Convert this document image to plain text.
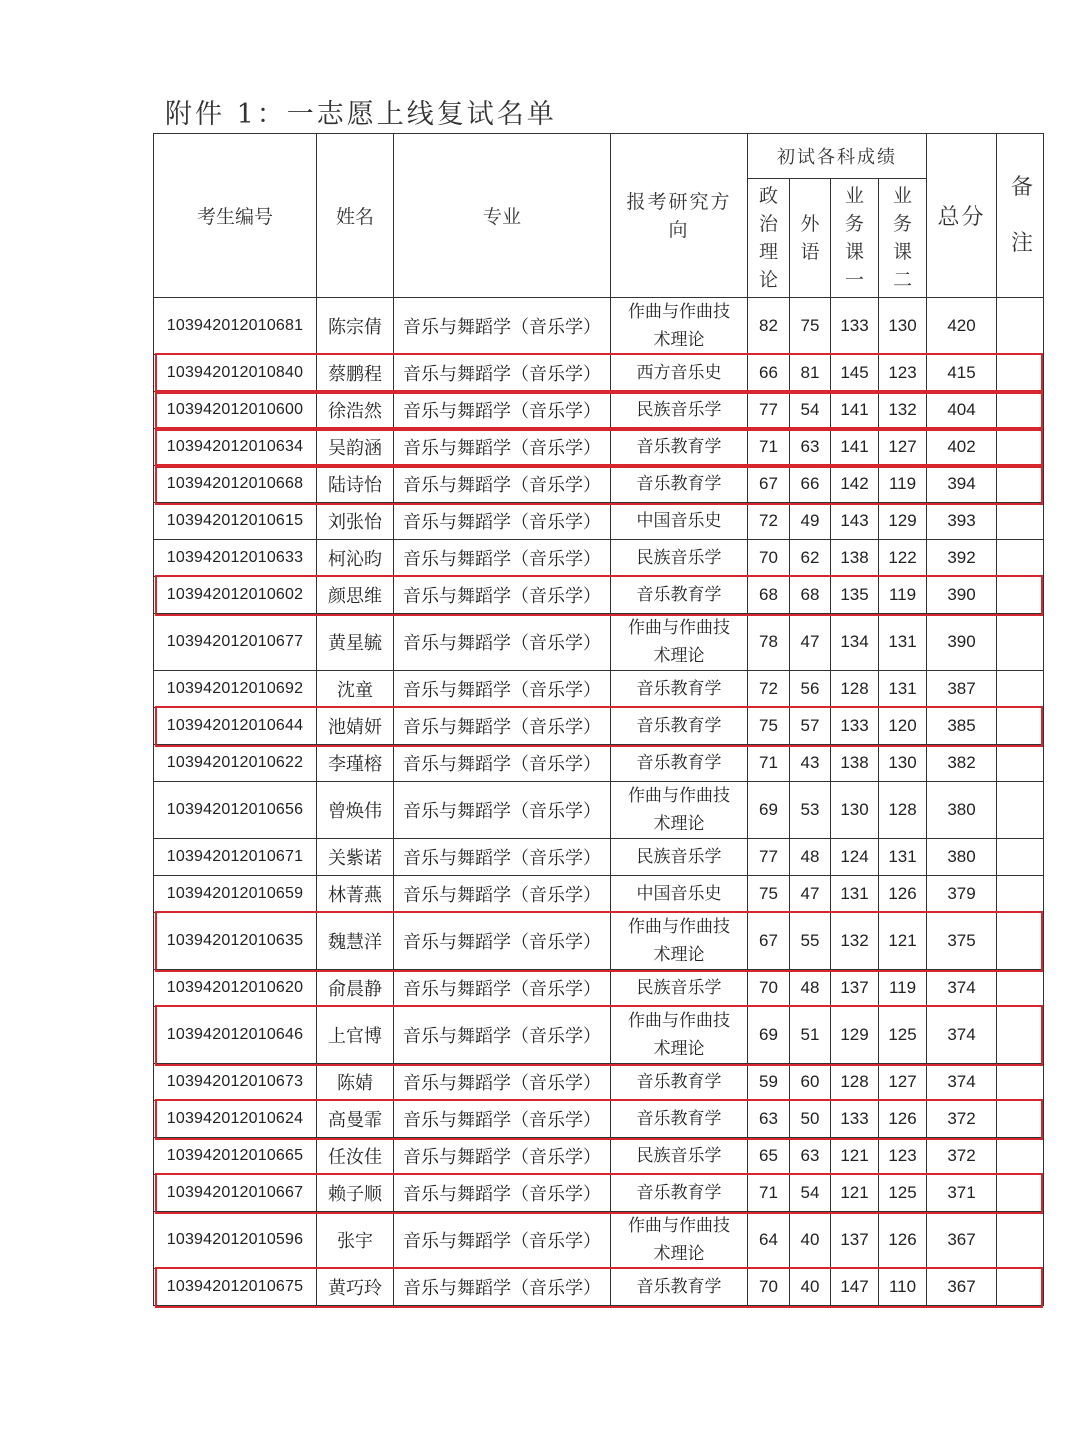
附件 1：一志愿上线复试名单
考生编号	姓名	专业	报考研究方向	初试各科成绩				总分	备注
				政治理论	外语	业务课一	业务课二		
103942012010681	陈宗倩	音乐与舞蹈学（音乐学）	作曲与作曲技术理论	82	75	133	130	420	
103942012010840	蔡鹏程	音乐与舞蹈学（音乐学）	西方音乐史	66	81	145	123	415	
103942012010600	徐浩然	音乐与舞蹈学（音乐学）	民族音乐学	77	54	141	132	404	
103942012010634	吴韵涵	音乐与舞蹈学（音乐学）	音乐教育学	71	63	141	127	402	
103942012010668	陆诗怡	音乐与舞蹈学（音乐学）	音乐教育学	67	66	142	119	394	
103942012010615	刘张怡	音乐与舞蹈学（音乐学）	中国音乐史	72	49	143	129	393	
103942012010633	柯沁昀	音乐与舞蹈学（音乐学）	民族音乐学	70	62	138	122	392	
103942012010602	颜思维	音乐与舞蹈学（音乐学）	音乐教育学	68	68	135	119	390	
103942012010677	黄星毓	音乐与舞蹈学（音乐学）	作曲与作曲技术理论	78	47	134	131	390	
103942012010692	沈童	音乐与舞蹈学（音乐学）	音乐教育学	72	56	128	131	387	
103942012010644	池婧妍	音乐与舞蹈学（音乐学）	音乐教育学	75	57	133	120	385	
103942012010622	李瑾榕	音乐与舞蹈学（音乐学）	音乐教育学	71	43	138	130	382	
103942012010656	曾焕伟	音乐与舞蹈学（音乐学）	作曲与作曲技术理论	69	53	130	128	380	
103942012010671	关紫诺	音乐与舞蹈学（音乐学）	民族音乐学	77	48	124	131	380	
103942012010659	林菁燕	音乐与舞蹈学（音乐学）	中国音乐史	75	47	131	126	379	
103942012010635	魏慧洋	音乐与舞蹈学（音乐学）	作曲与作曲技术理论	67	55	132	121	375	
103942012010620	俞晨静	音乐与舞蹈学（音乐学）	民族音乐学	70	48	137	119	374	
103942012010646	上官博	音乐与舞蹈学（音乐学）	作曲与作曲技术理论	69	51	129	125	374	
103942012010673	陈婧	音乐与舞蹈学（音乐学）	音乐教育学	59	60	128	127	374	
103942012010624	高曼霏	音乐与舞蹈学（音乐学）	音乐教育学	63	50	133	126	372	
103942012010665	任汝佳	音乐与舞蹈学（音乐学）	民族音乐学	65	63	121	123	372	
103942012010667	赖子顺	音乐与舞蹈学（音乐学）	音乐教育学	71	54	121	125	371	
103942012010596	张宇	音乐与舞蹈学（音乐学）	作曲与作曲技术理论	64	40	137	126	367	
103942012010675	黄巧玲	音乐与舞蹈学（音乐学）	音乐教育学	70	40	147	110	367	
